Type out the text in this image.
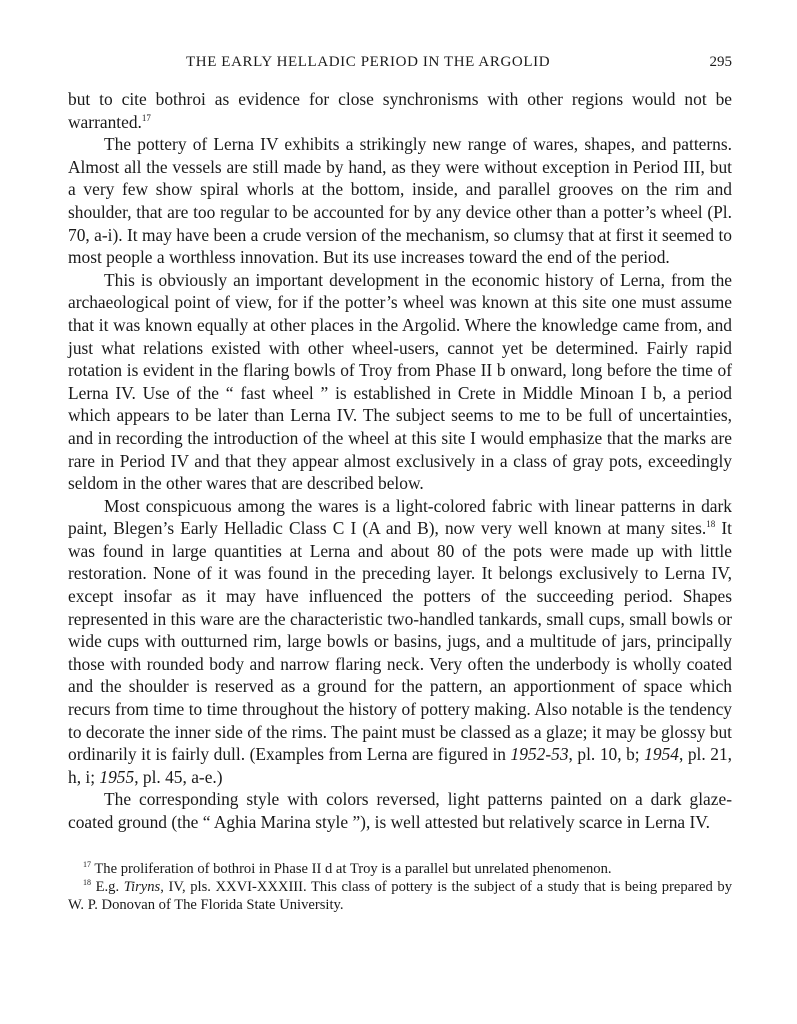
THE EARLY HELLADIC PERIOD IN THE ARGOLID	295

but to cite bothroi as evidence for close synchronisms with other regions would not be warranted.$^{17}$

The pottery of Lerna IV exhibits a strikingly new range of wares, shapes, and patterns. Almost all the vessels are still made by hand, as they were without exception in Period III, but a very few show spiral whorls at the bottom, inside, and parallel grooves on the rim and shoulder, that are too regular to be accounted for by any device other than a potter’s wheel (Pl. 70, a-i). It may have been a crude version of the mechanism, so clumsy that at first it seemed to most people a worthless innovation. But its use increases toward the end of the period.

This is obviously an important development in the economic history of Lerna, from the archaeological point of view, for if the potter’s wheel was known at this site one must assume that it was known equally at other places in the Argolid. Where the knowledge came from, and just what relations existed with other wheel-users, cannot yet be determined. Fairly rapid rotation is evident in the flaring bowls of Troy from Phase II b onward, long before the time of Lerna IV. Use of the “ fast wheel ” is established in Crete in Middle Minoan I b, a period which appears to be later than Lerna IV. The subject seems to me to be full of uncertainties, and in recording the introduction of the wheel at this site I would emphasize that the marks are rare in Period IV and that they appear almost exclusively in a class of gray pots, exceedingly seldom in the other wares that are described below.

Most conspicuous among the wares is a light-colored fabric with linear patterns in dark paint, Blegen’s Early Helladic Class C I (A and B), now very well known at many sites.$^{18}$ It was found in large quantities at Lerna and about 80 of the pots were made up with little restoration. None of it was found in the preceding layer. It belongs exclusively to Lerna IV, except insofar as it may have influenced the potters of the succeeding period. Shapes represented in this ware are the characteristic two-handled tankards, small cups, small bowls or wide cups with outturned rim, large bowls or basins, jugs, and a multitude of jars, principally those with rounded body and narrow flaring neck. Very often the underbody is wholly coated and the shoulder is reserved as a ground for the pattern, an apportionment of space which recurs from time to time throughout the history of pottery making. Also notable is the tendency to decorate the inner side of the rims. The paint must be classed as a glaze; it may be glossy but ordinarily it is fairly dull. (Examples from Lerna are figured in 1952-53, pl. 10, b; 1954, pl. 21, h, i; 1955, pl. 45, a-e.)

The corresponding style with colors reversed, light patterns painted on a dark glaze-coated ground (the “ Aghia Marina style ”), is well attested but relatively scarce in Lerna IV.

$^{17}$ The proliferation of bothroi in Phase II d at Troy is a parallel but unrelated phenomenon.

$^{18}$ E.g. Tiryns, IV, pls. XXVI-XXXIII. This class of pottery is the subject of a study that is being prepared by W. P. Donovan of The Florida State University.
